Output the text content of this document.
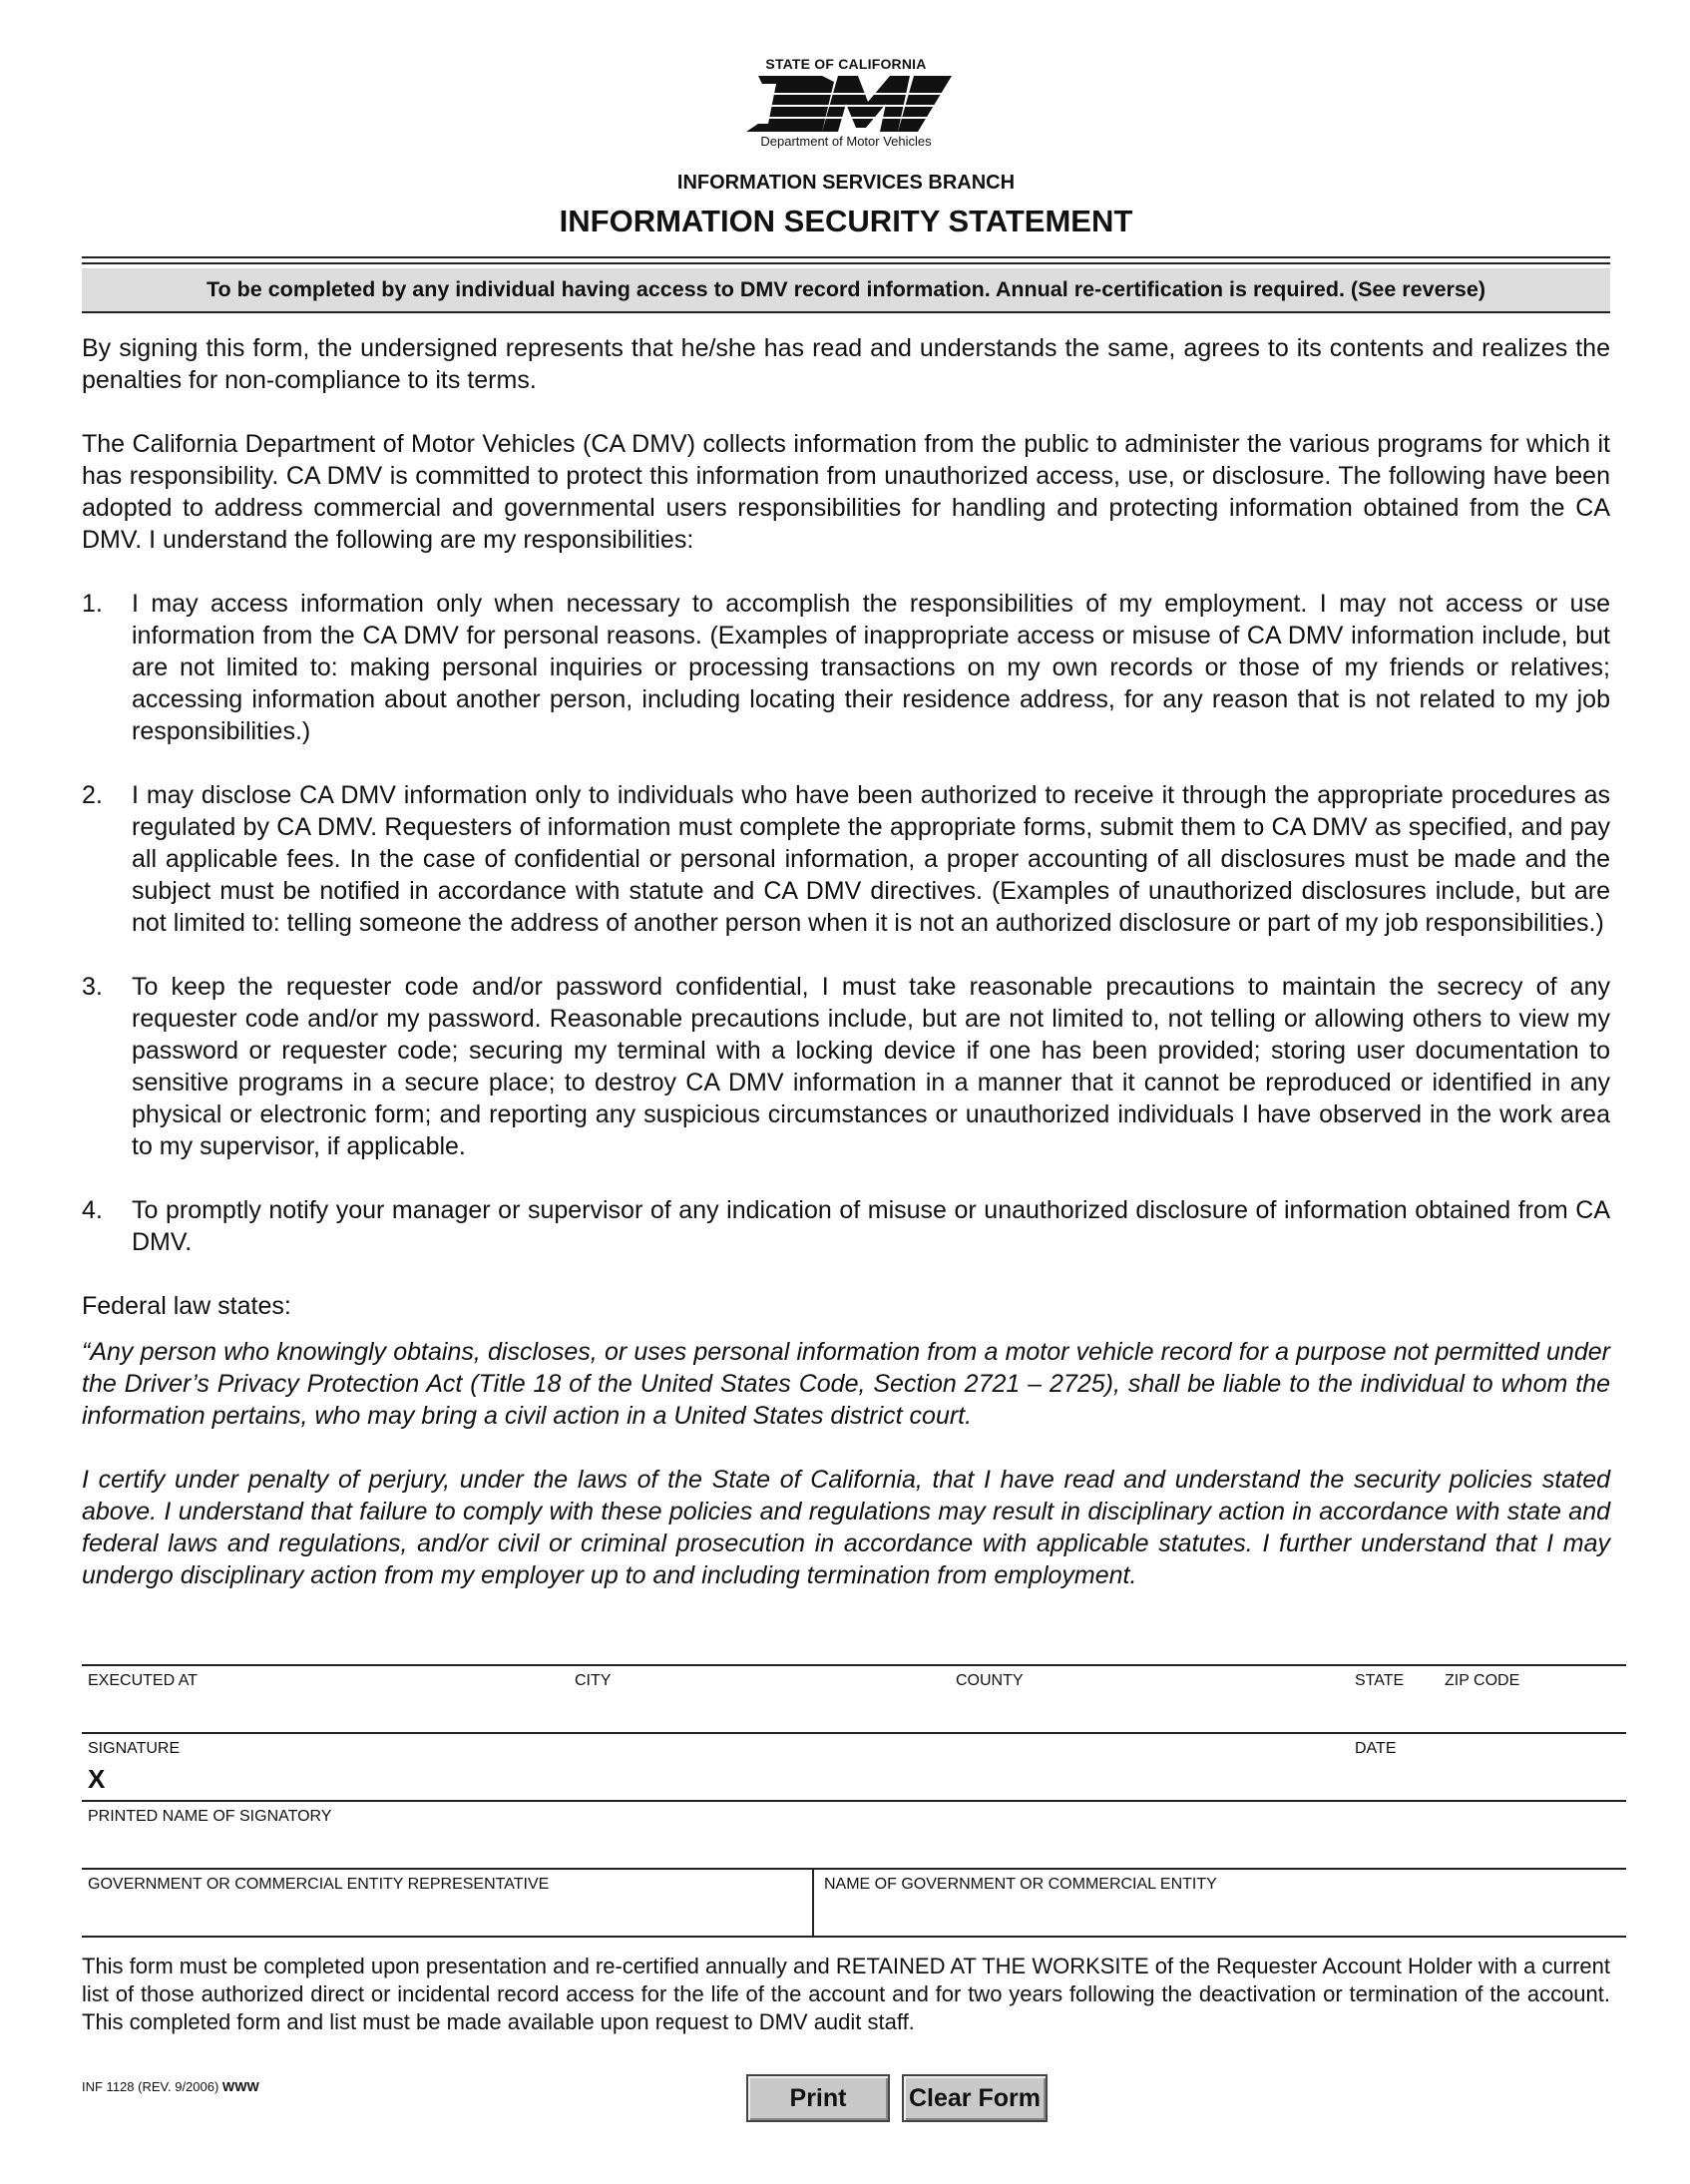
STATE OF CALIFORNIA
Department of Motor Vehicles
INFORMATION SERVICES BRANCH
INFORMATION SECURITY STATEMENT
To be completed by any individual having access to DMV record information. Annual re-certification is required. (See reverse)

By signing this form, the undersigned represents that he/she has read and understands the same, agrees to its contents and realizes the penalties for non-compliance to its terms.

The California Department of Motor Vehicles (CA DMV) collects information from the public to administer the various programs for which it has responsibility. CA DMV is committed to protect this information from unauthorized access, use, or disclosure. The following have been adopted to address commercial and governmental users responsibilities for handling and protecting information obtained from the CA DMV. I understand the following are my responsibilities:

1.	I may access information only when necessary to accomplish the responsibilities of my employment. I may not access or use information from the CA DMV for personal reasons. (Examples of inappropriate access or misuse of CA DMV information include, but are not limited to: making personal inquiries or processing transactions on my own records or those of my friends or relatives; accessing information about another person, including locating their residence address, for any reason that is not related to my job responsibilities.)
2.	I may disclose CA DMV information only to individuals who have been authorized to receive it through the appropriate procedures as regulated by CA DMV. Requesters of information must complete the appropriate forms, submit them to CA DMV as specified, and pay all applicable fees. In the case of confidential or personal information, a proper accounting of all disclosures must be made and the subject must be notified in accordance with statute and CA DMV directives. (Examples of unauthorized disclosures include, but are not limited to: telling someone the address of another person when it is not an authorized disclosure or part of my job responsibilities.)
3.	To keep the requester code and/or password confidential, I must take reasonable precautions to maintain the secrecy of any requester code and/or my password. Reasonable precautions include, but are not limited to, not telling or allowing others to view my password or requester code; securing my terminal with a locking device if one has been provided; storing user documentation to sensitive programs in a secure place; to destroy CA DMV information in a manner that it cannot be reproduced or identified in any physical or electronic form; and reporting any suspicious circumstances or unauthorized individuals I have observed in the work area to my supervisor, if applicable.
4.	To promptly notify your manager or supervisor of any indication of misuse or unauthorized disclosure of information obtained from CA DMV.

Federal law states:

“Any person who knowingly obtains, discloses, or uses personal information from a motor vehicle record for a purpose not permitted under the Driver’s Privacy Protection Act (Title 18 of the United States Code, Section 2721 – 2725), shall be liable to the individual to whom the information pertains, who may bring a civil action in a United States district court.

I certify under penalty of perjury, under the laws of the State of California, that I have read and understand the security policies stated above. I understand that failure to comply with these policies and regulations may result in disciplinary action in accordance with state and federal laws and regulations, and/or civil or criminal prosecution in accordance with applicable statutes. I further understand that I may undergo disciplinary action from my employer up to and including termination from employment.

EXECUTED AT	CITY	COUNTY	STATE	ZIP CODE
SIGNATURE
X
DATE
PRINTED NAME OF SIGNATORY
GOVERNMENT OR COMMERCIAL ENTITY REPRESENTATIVE	NAME OF GOVERNMENT OR COMMERCIAL ENTITY
This form must be completed upon presentation and re-certified annually and RETAINED AT THE WORKSITE of the Requester Account Holder with a current list of those authorized direct or incidental record access for the life of the account and for two years following the deactivation or termination of the account. This completed form and list must be made available upon request to DMV audit staff.
INF 1128 (REV. 9/2006) WWW	Print	Clear Form
